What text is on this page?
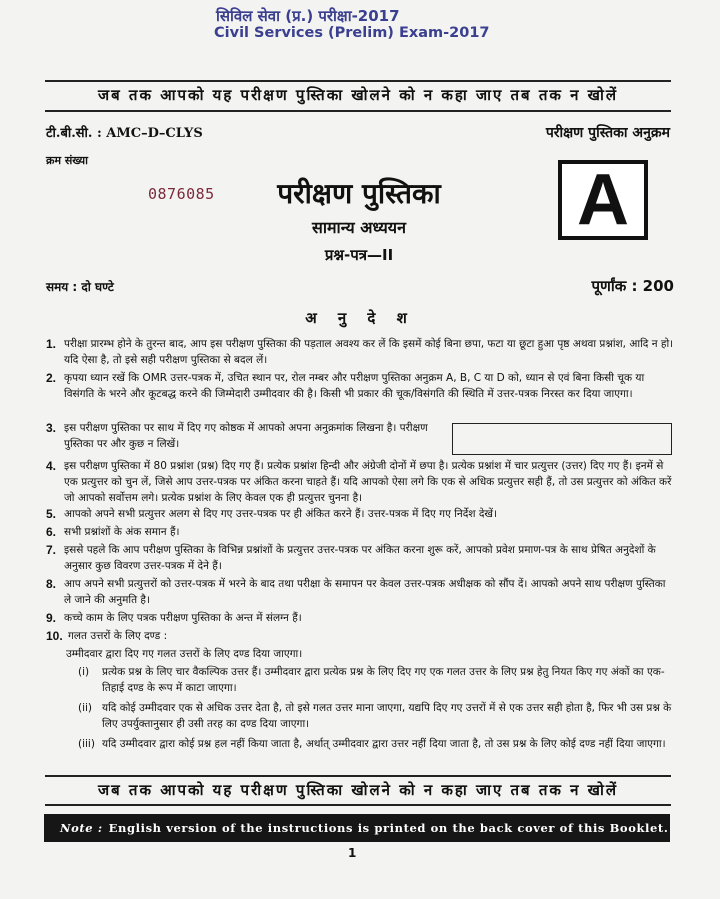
सिविल सेवा (प्र.) परीक्षा-2017
Civil Services (Prelim) Exam-2017
जब तक आपको यह परीक्षण पुस्तिका खोलने को न कहा जाए तब तक न खोलें
टी.बी.सी. : AMC–D–CLYS	परीक्षण पुस्तिका अनुक्रम
क्रम संख्या
0876085	परीक्षण पुस्तिका
सामान्य अध्ययन
प्रश्न-पत्र—II
A
समय : दो घण्टे	पूर्णांक : 200
अ नु दे श
1. परीक्षा प्रारम्भ होने के तुरन्त बाद, आप इस परीक्षण पुस्तिका की पड़ताल अवश्य कर लें कि इसमें कोई बिना छपा, फटा या छूटा हुआ पृष्ठ अथवा प्रश्नांश, आदि न हो। यदि ऐसा है, तो इसे सही परीक्षण पुस्तिका से बदल लें।
2. कृपया ध्यान रखें कि OMR उत्तर-पत्रक में, उचित स्थान पर, रोल नम्बर और परीक्षण पुस्तिका अनुक्रम A, B, C या D को, ध्यान से एवं बिना किसी चूक या विसंगति के भरने और कूटबद्ध करने की जिम्मेदारी उम्मीदवार की है। किसी भी प्रकार की चूक/विसंगति की स्थिति में उत्तर-पत्रक निरस्त कर दिया जाएगा।
3. इस परीक्षण पुस्तिका पर साथ में दिए गए कोष्ठक में आपको अपना अनुक्रमांक लिखना है। परीक्षण पुस्तिका पर और कुछ न लिखें।
4. इस परीक्षण पुस्तिका में 80 प्रश्नांश (प्रश्न) दिए गए हैं। प्रत्येक प्रश्नांश हिन्दी और अंग्रेजी दोनों में छपा है। प्रत्येक प्रश्नांश में चार प्रत्युत्तर (उत्तर) दिए गए हैं। इनमें से एक प्रत्युत्तर को चुन लें, जिसे आप उत्तर-पत्रक पर अंकित करना चाहते हैं। यदि आपको ऐसा लगे कि एक से अधिक प्रत्युत्तर सही हैं, तो उस प्रत्युत्तर को अंकित करें जो आपको सर्वोत्तम लगे। प्रत्येक प्रश्नांश के लिए केवल एक ही प्रत्युत्तर चुनना है।
5. आपको अपने सभी प्रत्युत्तर अलग से दिए गए उत्तर-पत्रक पर ही अंकित करने हैं। उत्तर-पत्रक में दिए गए निर्देश देखें।
6. सभी प्रश्नांशों के अंक समान हैं।
7. इससे पहले कि आप परीक्षण पुस्तिका के विभिन्न प्रश्नांशों के प्रत्युत्तर उत्तर-पत्रक पर अंकित करना शुरू करें, आपको प्रवेश प्रमाण-पत्र के साथ प्रेषित अनुदेशों के अनुसार कुछ विवरण उत्तर-पत्रक में देने हैं।
8. आप अपने सभी प्रत्युत्तरों को उत्तर-पत्रक में भरने के बाद तथा परीक्षा के समापन पर केवल उत्तर-पत्रक अधीक्षक को सौंप दें। आपको अपने साथ परीक्षण पुस्तिका ले जाने की अनुमति है।
9. कच्चे काम के लिए पत्रक परीक्षण पुस्तिका के अन्त में संलग्न हैं।
10. गलत उत्तरों के लिए दण्ड :
उम्मीदवार द्वारा दिए गए गलत उत्तरों के लिए दण्ड दिया जाएगा।
(i) प्रत्येक प्रश्न के लिए चार वैकल्पिक उत्तर हैं। उम्मीदवार द्वारा प्रत्येक प्रश्न के लिए दिए गए एक गलत उत्तर के लिए प्रश्न हेतु नियत किए गए अंकों का एक-तिहाई दण्ड के रूप में काटा जाएगा।
(ii) यदि कोई उम्मीदवार एक से अधिक उत्तर देता है, तो इसे गलत उत्तर माना जाएगा, यद्यपि दिए गए उत्तरों में से एक उत्तर सही होता है, फिर भी उस प्रश्न के लिए उपर्युक्तानुसार ही उसी तरह का दण्ड दिया जाएगा।
(iii) यदि उम्मीदवार द्वारा कोई प्रश्न हल नहीं किया जाता है, अर्थात् उम्मीदवार द्वारा उत्तर नहीं दिया जाता है, तो उस प्रश्न के लिए कोई दण्ड नहीं दिया जाएगा।
जब तक आपको यह परीक्षण पुस्तिका खोलने को न कहा जाए तब तक न खोलें
Note : English version of the instructions is printed on the back cover of this Booklet.
1
